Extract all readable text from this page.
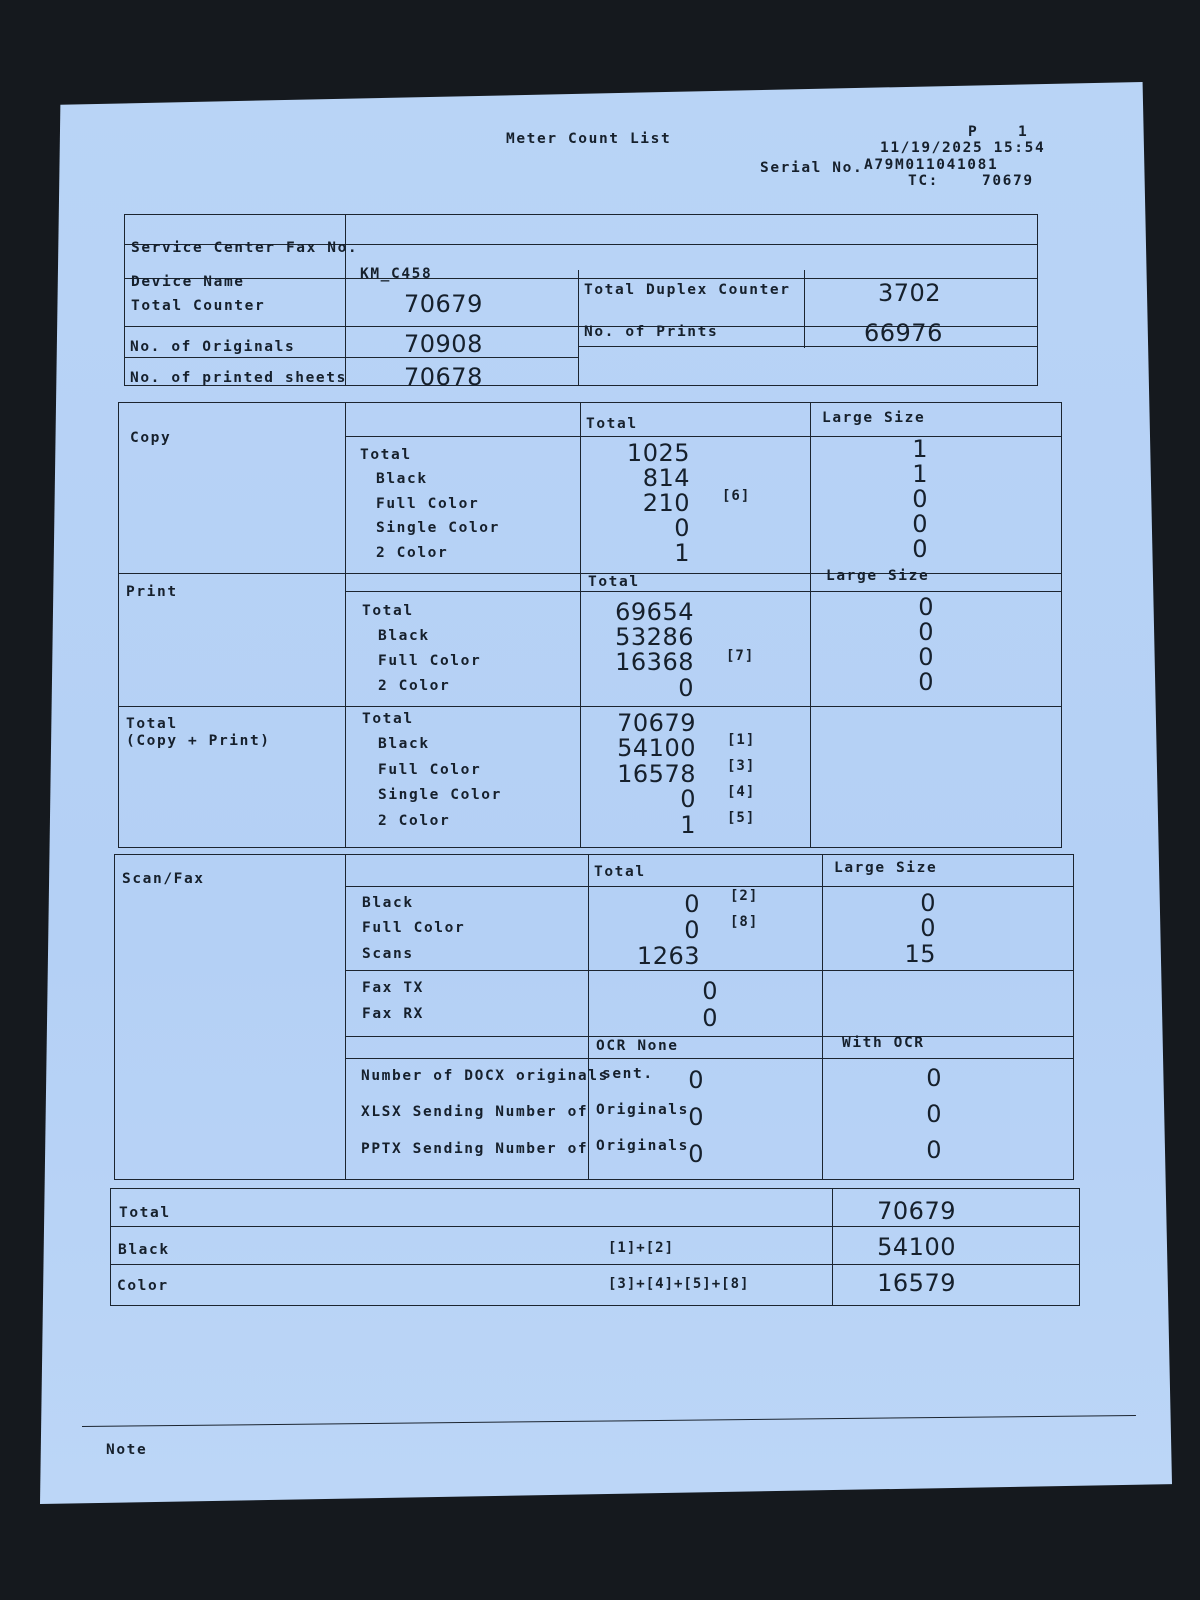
Meter Count List	P	1
11/19/2025 15:54
Serial No. A79M011041081
TC:	70679
Service Center Fax No.
Device Name	KM_C458
Total Counter	70679	Total Duplex Counter	3702
No. of Originals	70908	No. of Prints	66976
No. of printed sheets 70678
Copy
Total	Large Size
Total	1025	1
Black	814	1
Full Color	210 [6]	0
Single Color	0	0
2 Color	1	0
Print
Total	Large Size
Total	69654	0
Black	53286	0
Full Color	16368 [7]	0
2 Color	0	0
Total
(Copy + Print)
Total	70679
Black	54100 [1]
Full Color	16578 [3]
Single Color	0 [4]
2 Color	1 [5]
Scan/Fax	Total	Large Size
Black	0 [2]	0
Full Color	0 [8]	0
Scans	1263	15
Fax TX	0
Fax RX	0
OCR None	With OCR
Number of DOCX originals
sent.	0	0
XLSX Sending Number of Originals 0	0
PPTX Sending Number of Originals 0	0
Total	70679
Black	[1]+[2]	54100
Color	[3]+[4]+[5]+[8]	16579
Note
